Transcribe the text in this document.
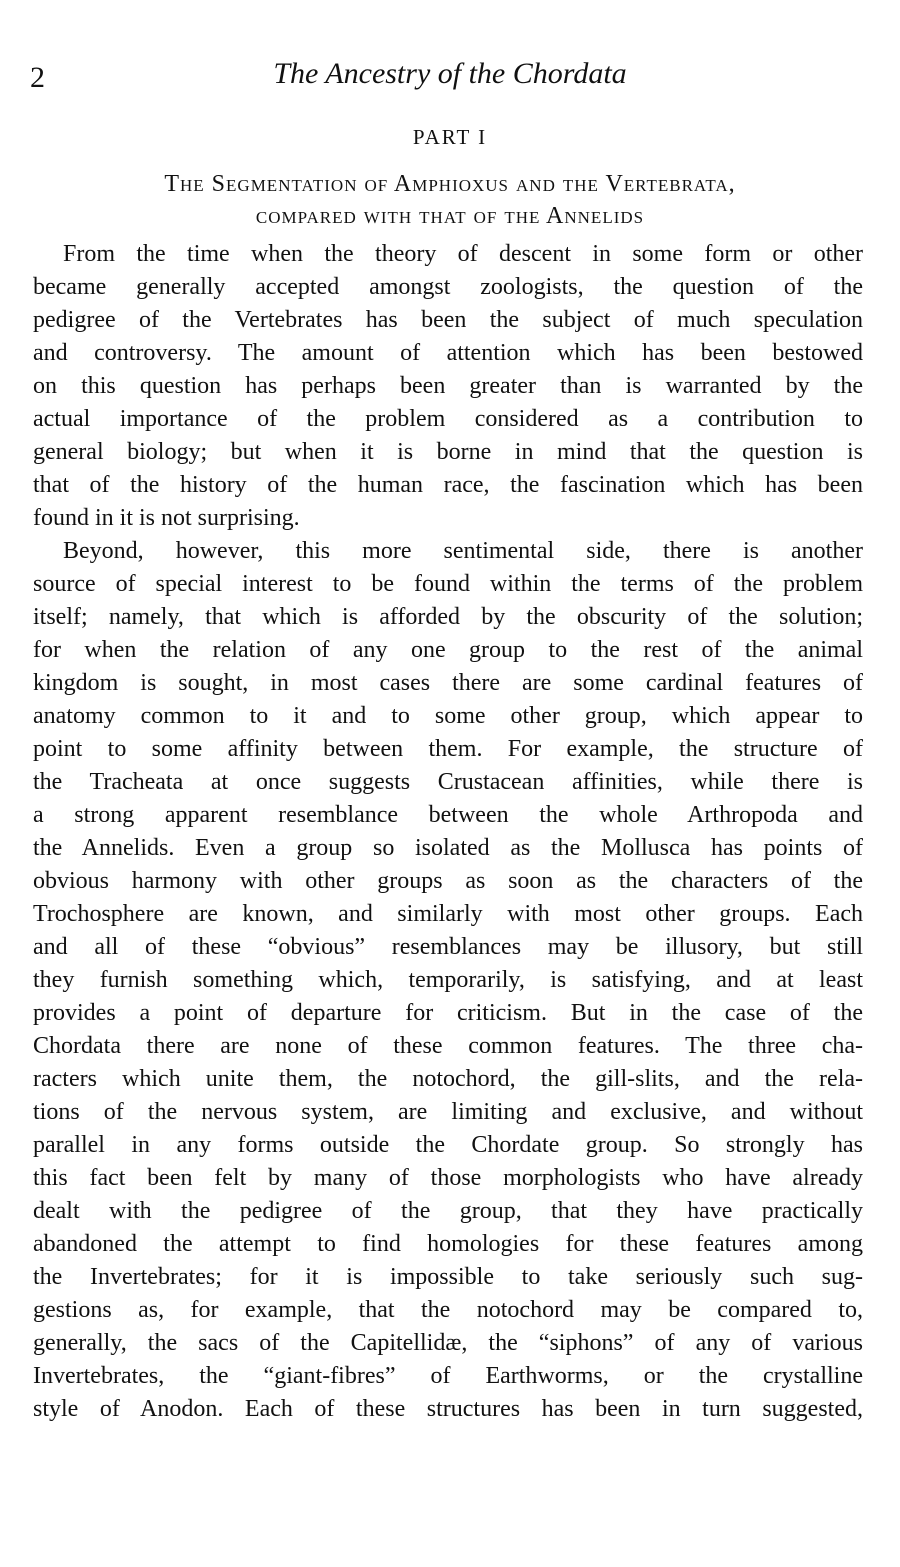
2	The Ancestry of the Chordata
PART I
The Segmentation of Amphioxus and the Vertebrata,
compared with that of the Annelids

From the time when the theory of descent in some form or other
became generally accepted amongst zoologists, the question of the
pedigree of the Vertebrates has been the subject of much speculation
and controversy. The amount of attention which has been bestowed
on this question has perhaps been greater than is warranted by the
actual importance of the problem considered as a contribution to
general biology; but when it is borne in mind that the question is
that of the history of the human race, the fascination which has been
found in it is not surprising.

Beyond, however, this more sentimental side, there is another
source of special interest to be found within the terms of the problem
itself; namely, that which is afforded by the obscurity of the solution;
for when the relation of any one group to the rest of the animal
kingdom is sought, in most cases there are some cardinal features of
anatomy common to it and to some other group, which appear to
point to some affinity between them. For example, the structure of
the Tracheata at once suggests Crustacean affinities, while there is
a strong apparent resemblance between the whole Arthropoda and
the Annelids. Even a group so isolated as the Mollusca has points of
obvious harmony with other groups as soon as the characters of the
Trochosphere are known, and similarly with most other groups. Each
and all of these “obvious” resemblances may be illusory, but still
they furnish something which, temporarily, is satisfying, and at least
provides a point of departure for criticism. But in the case of the
Chordata there are none of these common features. The three cha-
racters which unite them, the notochord, the gill-slits, and the rela-
tions of the nervous system, are limiting and exclusive, and without
parallel in any forms outside the Chordate group. So strongly has
this fact been felt by many of those morphologists who have already
dealt with the pedigree of the group, that they have practically
abandoned the attempt to find homologies for these features among
the Invertebrates; for it is impossible to take seriously such sug-
gestions as, for example, that the notochord may be compared to,
generally, the sacs of the Capitellidæ, the “siphons” of any of various
Invertebrates, the “giant-fibres” of Earthworms, or the crystalline
style of Anodon. Each of these structures has been in turn suggested,
